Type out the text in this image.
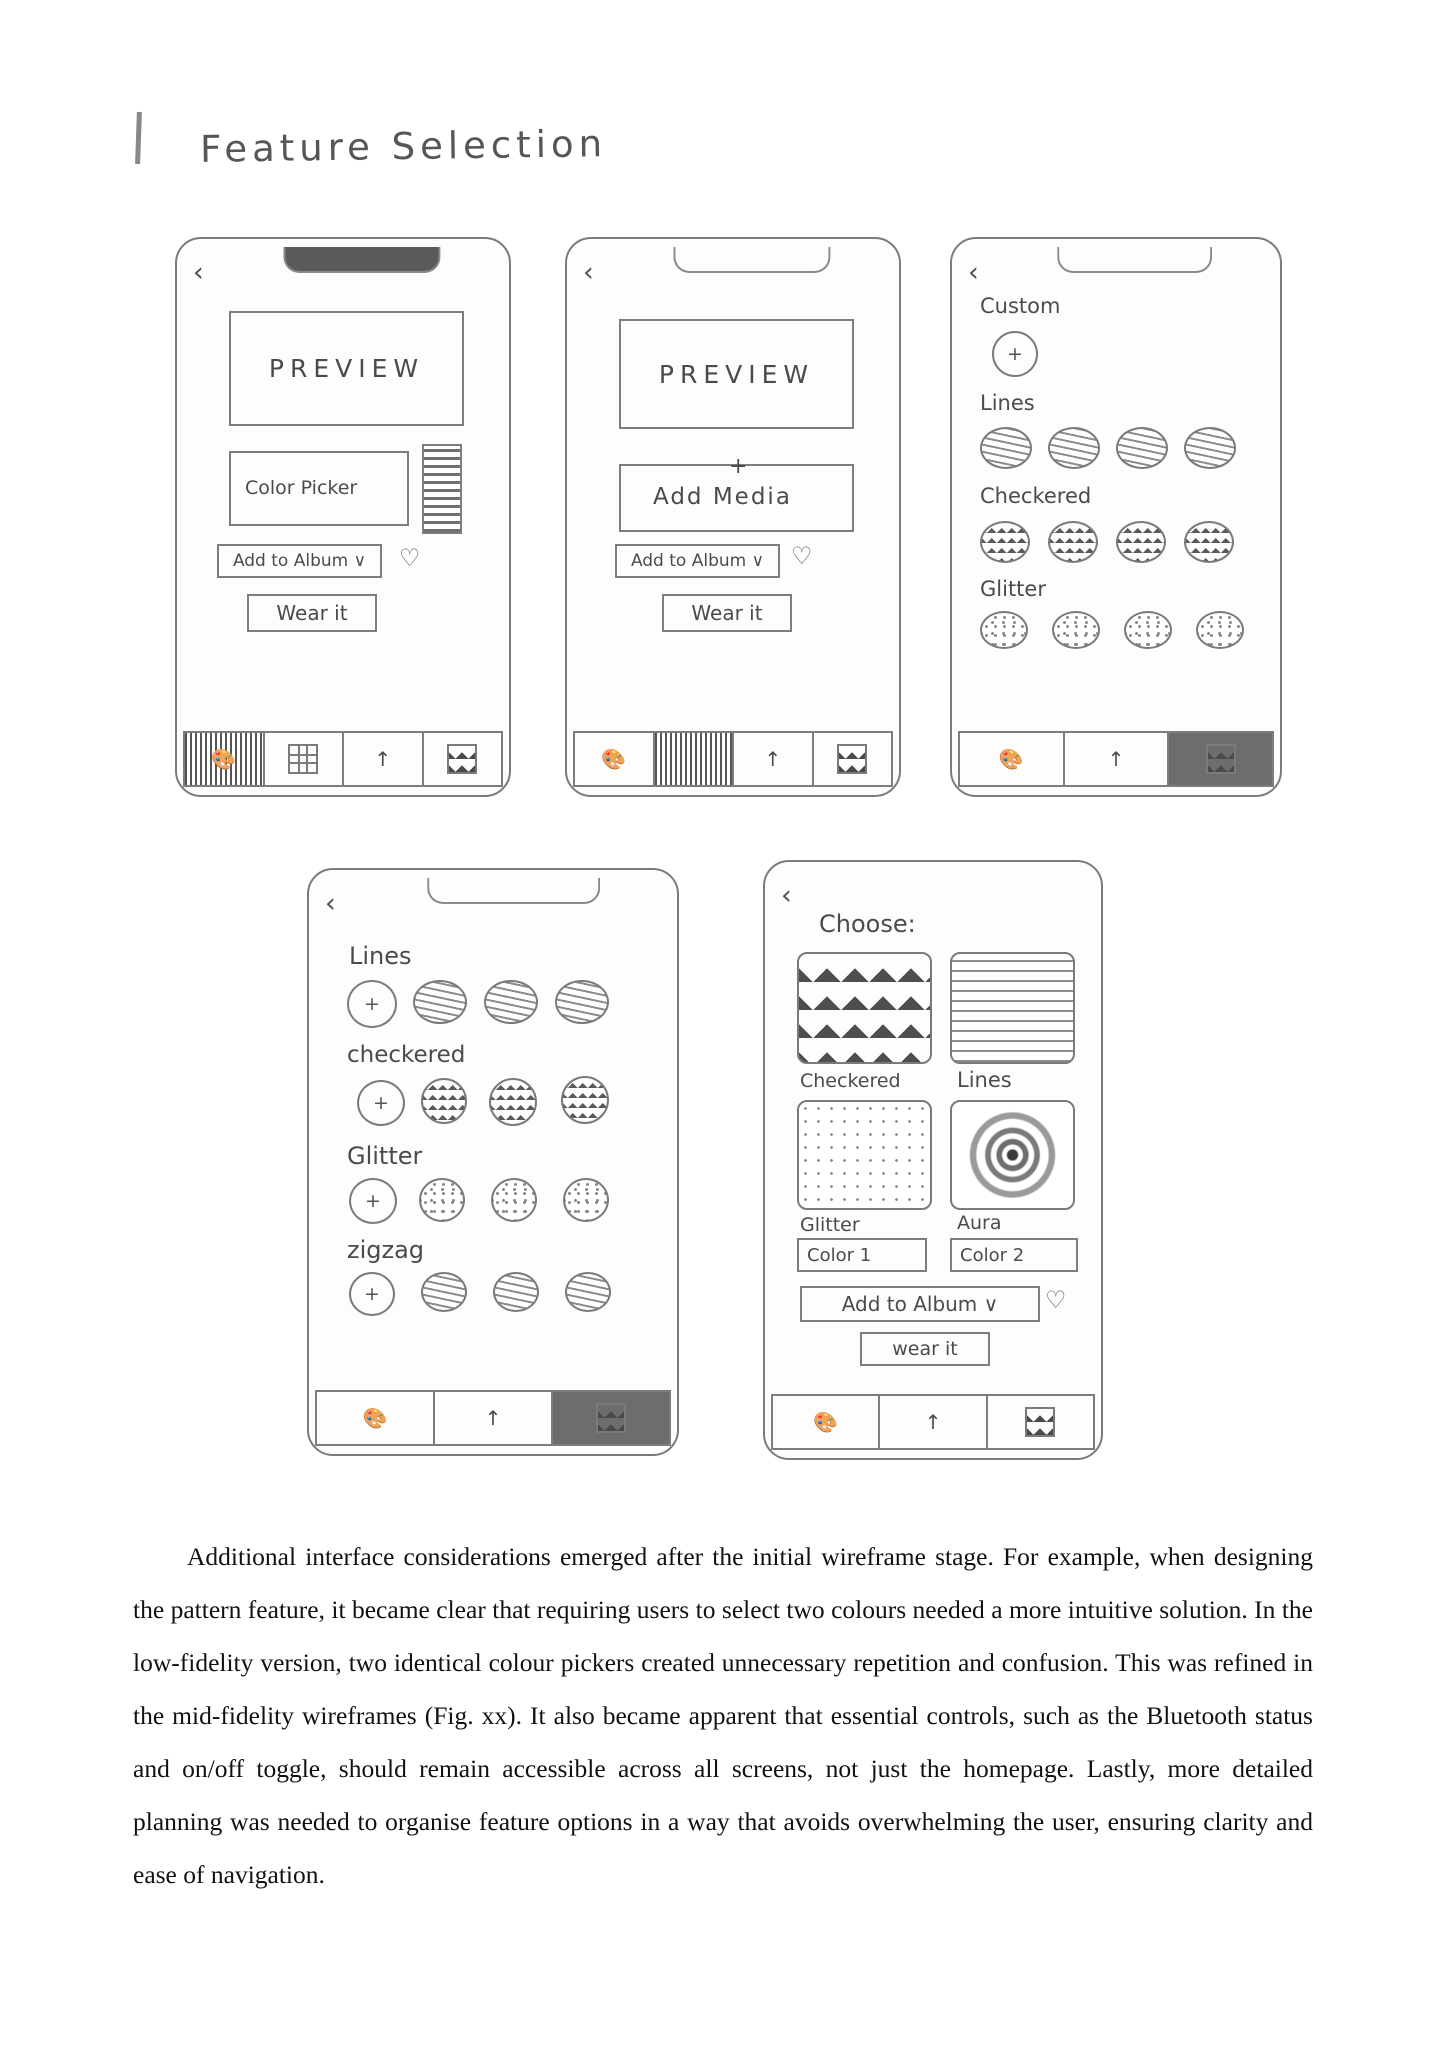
Feature Selection
‹
PREVIEW
Color Picker
Add to Album ∨	♡
Wear it
🎨	↑
‹
PREVIEW
+
Add Media
Add to Album ∨	♡
Wear it
🎨	↑
‹
Custom
+
Lines
Checkered
Glitter
🎨	↑
‹
Lines
+
checkered
+
Glitter
+
zigzag
+
🎨	↑
‹
Choose:
Checkered	Lines
Glitter	Aura
Color 1	Color 2
Add to Album ∨	♡
wear it
🎨	↑

Additional interface considerations emerged after the initial wireframe stage. For example, when designing the pattern feature, it became clear that requiring users to select two colours needed a more intuitive solution. In the low-fidelity version, two identical colour pickers created unnecessary repetition and confusion. This was refined in the mid-fidelity wireframes (Fig. xx). It also became apparent that essential controls, such as the Bluetooth status and on/off toggle, should remain accessible across all screens, not just the homepage. Lastly, more detailed planning was needed to organise feature options in a way that avoids overwhelming the user, ensuring clarity and ease of navigation.
